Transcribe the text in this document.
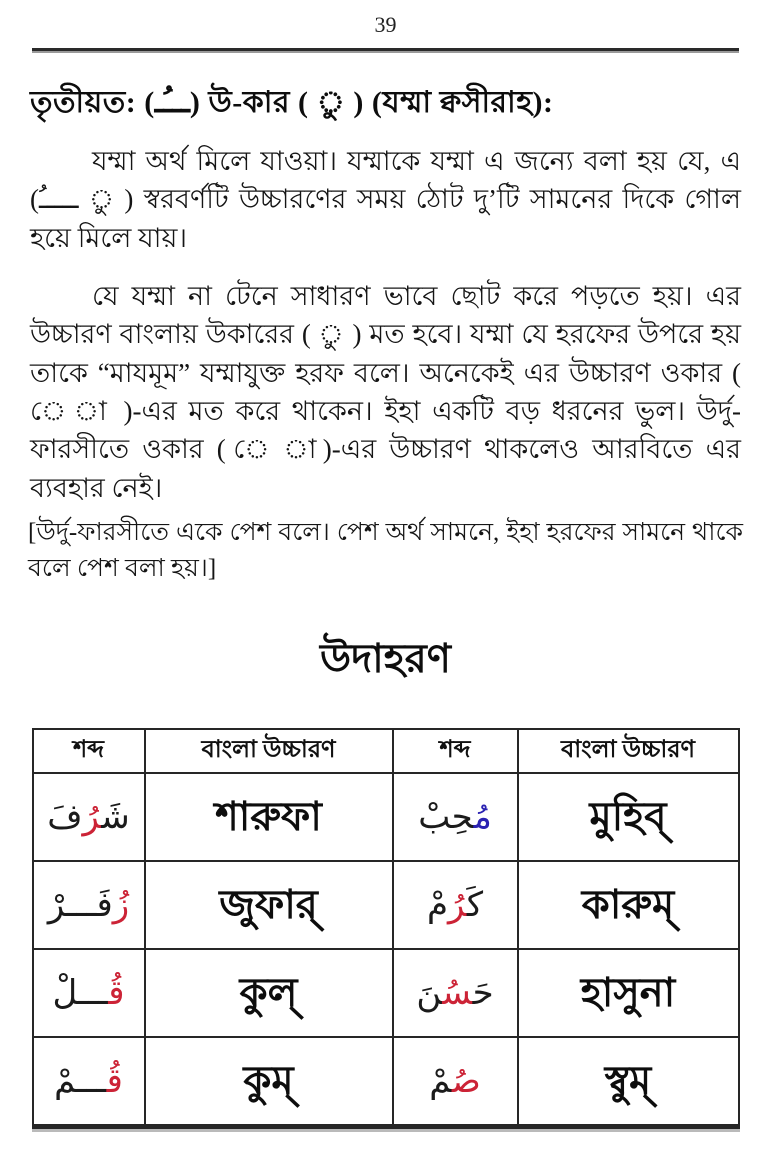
39
তৃতীয়ত: (ـــُـ) উ-কার ( ু ) (যম্মা ক্বসীরাহ):

যম্মা অর্থ মিলে যাওয়া। যম্মাকে যম্মা এ জন্যে বলা হয় যে, এ (ـــــُ ু ) স্বরবর্ণটি উচ্চারণের সময় ঠোট দু’টি সামনের দিকে গোল হয়ে মিলে যায়।

যে যম্মা না টেনে সাধারণ ভাবে ছোট করে পড়তে হয়। এর উচ্চারণ বাংলায় উকারের ( ু ) মত হবে। যম্মা যে হরফের উপরে হয় তাকে “মাযমূম” যম্মাযুক্ত হরফ বলে। অনেকেই এর উচ্চারণ ওকার ( ে া )-এর মত করে থাকেন। ইহা একটি বড় ধরনের ভুল। উর্দু-ফারসীতে ওকার ( ে া)-এর উচ্চারণ থাকলেও আরবিতে এর ব্যবহার নেই।

[উর্দু-ফারসীতে একে পেশ বলে। পেশ অর্থ সামনে, ইহা হরফের সামনে থাকে বলে পেশ বলা হয়।]

উদাহরণ
শব্দ	বাংলা উচ্চারণ	শব্দ	বাংলা উচ্চারণ
شَرُفَ	শারুফা	مُحِبْ	মুহিব্
زُفَـــرْ	জুফার্	كَرُمْ	কারুম্
قُـــلْ	কুল্	حَسُنَ	হাসুনা
قُـــمْ	কুম্	صُمْ	স্বুম্
